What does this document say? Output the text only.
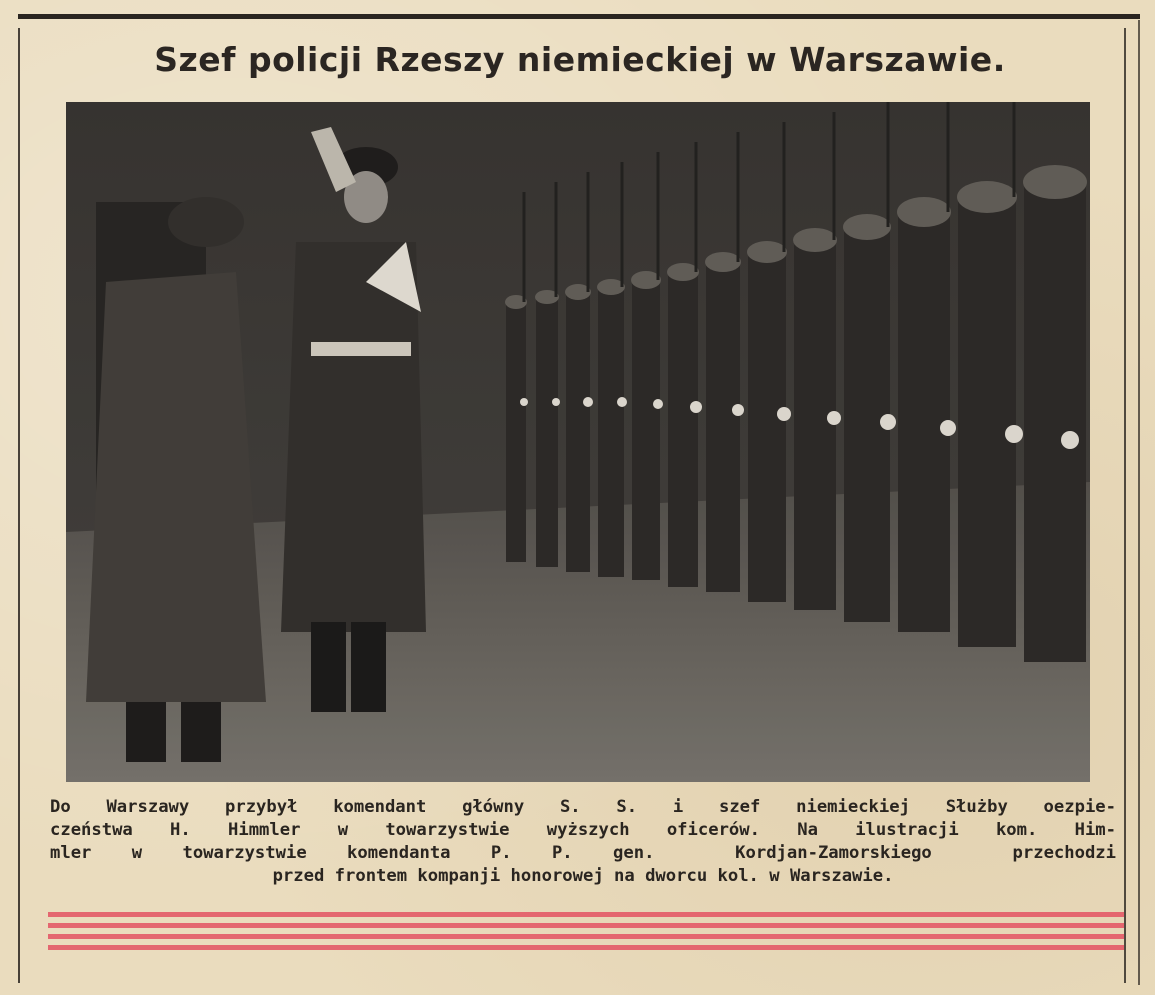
Szef policji Rzeszy niemieckiej w Warszawie.
Do Warszawy przybył komendant główny S. S. i szef niemieckiej Służby oezpie-
czeństwa H. Himmler w towarzystwie wyższych oficerów. Na ilustracji kom. Him-
mler w towarzystwie komendanta P. P. gen.  Kordjan-Zamorskiego  przechodzi
przed frontem kompanji honorowej na dworcu kol. w Warszawie.
